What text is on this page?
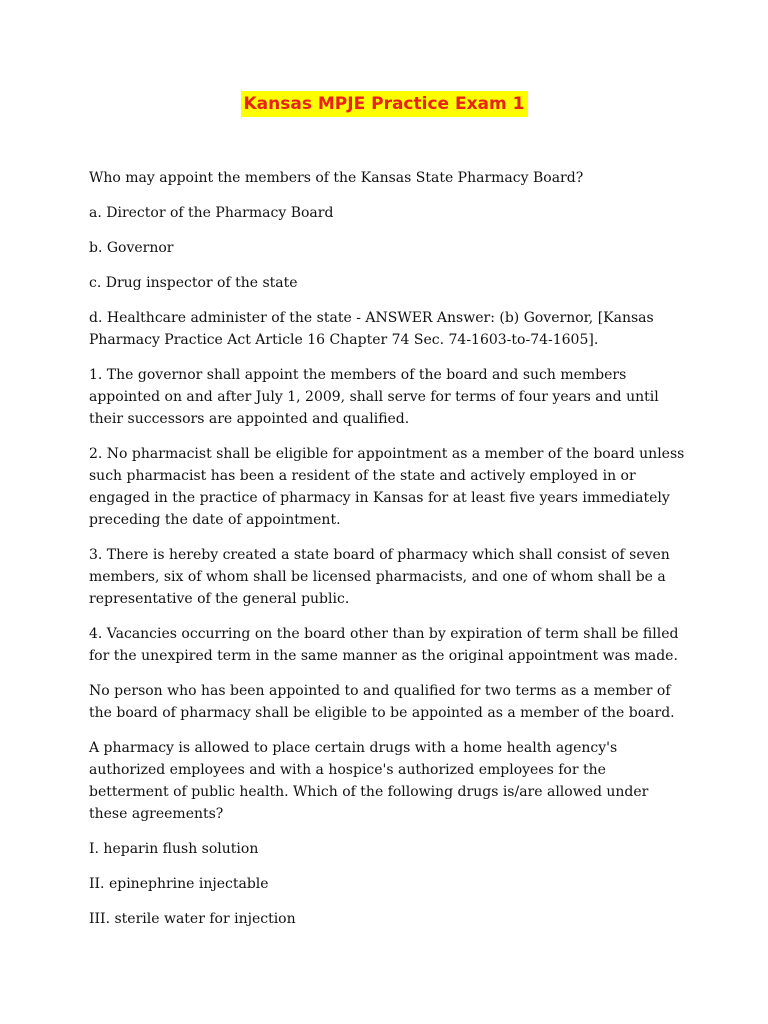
Kansas MPJE Practice Exam 1

Who may appoint the members of the Kansas State Pharmacy Board?

a. Director of the Pharmacy Board

b. Governor

c. Drug inspector of the state

d. Healthcare administer of the state - ANSWER Answer: (b) Governor, [Kansas Pharmacy Practice Act Article 16 Chapter 74 Sec. 74-1603-to-74-1605].

1. The governor shall appoint the members of the board and such members appointed on and after July 1, 2009, shall serve for terms of four years and until their successors are appointed and qualified.

2. No pharmacist shall be eligible for appointment as a member of the board unless such pharmacist has been a resident of the state and actively employed in or engaged in the practice of pharmacy in Kansas for at least five years immediately preceding the date of appointment.

3. There is hereby created a state board of pharmacy which shall consist of seven members, six of whom shall be licensed pharmacists, and one of whom shall be a representative of the general public.

4. Vacancies occurring on the board other than by expiration of term shall be filled for the unexpired term in the same manner as the original appointment was made.

No person who has been appointed to and qualified for two terms as a member of the board of pharmacy shall be eligible to be appointed as a member of the board.

A pharmacy is allowed to place certain drugs with a home health agency's authorized employees and with a hospice's authorized employees for the betterment of public health. Which of the following drugs is/are allowed under these agreements?

I. heparin flush solution

II. epinephrine injectable

III. sterile water for injection
